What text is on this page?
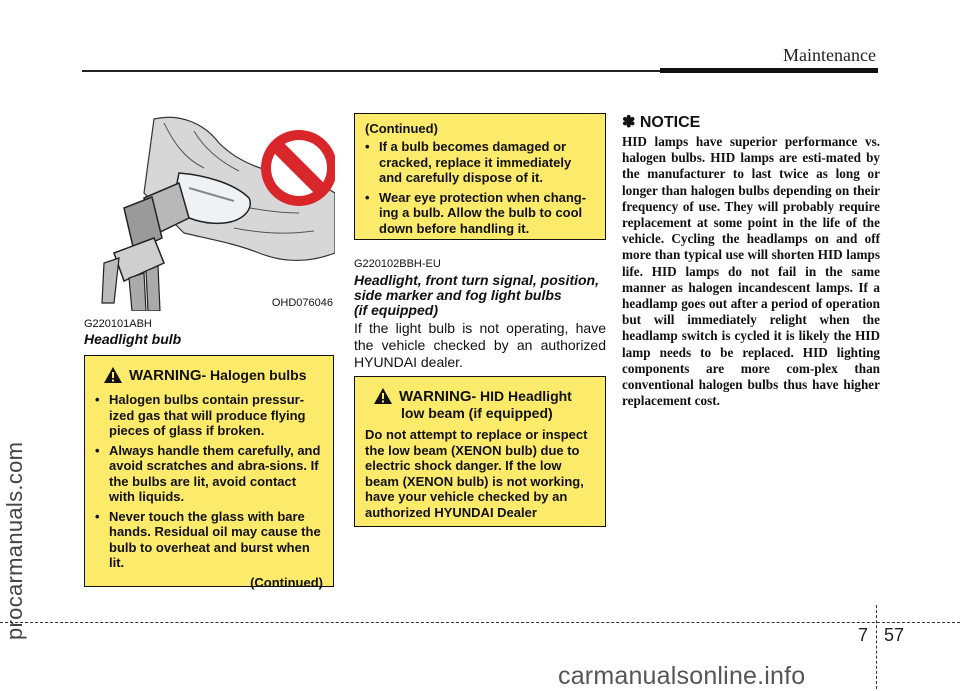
Maintenance
procarmanuals.com
OHD076046
G220101ABH
Headlight bulb
WARNING - Halogen bulbs
• Halogen bulbs contain pressur-ized gas that will produce flying pieces of glass if broken.
• Always handle them carefully, and avoid scratches and abra-sions. If the bulbs are lit, avoid contact with liquids.
• Never touch the glass with bare hands. Residual oil may cause the bulb to overheat and burst when lit.
(Continued)
(Continued)
• If a bulb becomes damaged or cracked, replace it immediately and carefully dispose of it.
• Wear eye protection when chang-ing a bulb. Allow the bulb to cool down before handling it.
G220102BBH-EU
Headlight, front turn signal, position,
side marker and fog light bulbs
(if equipped)
If the light bulb is not operating, have the vehicle checked by an authorized HYUNDAI dealer.
WARNING - HID Headlight
low beam (if equipped)
Do not attempt to replace or inspect the low beam (XENON bulb) due to electric shock danger. If the low beam (XENON bulb) is not working, have your vehicle checked by an authorized HYUNDAI Dealer
✽ NOTICE
HID lamps have superior performance vs. halogen bulbs. HID lamps are esti-mated by the manufacturer to last twice as long or longer than halogen bulbs depending on their frequency of use. They will probably require replacement at some point in the life of the vehicle. Cycling the headlamps on and off more than typical use will shorten HID lamps life. HID lamps do not fail in the same manner as halogen incandescent lamps. If a headlamp goes out after a period of operation but will immediately relight when the headlamp switch is cycled it is likely the HID lamp needs to be replaced. HID lighting components are more com-plex than conventional halogen bulbs thus have higher replacement cost.
7 57
carmanualsonline.info
